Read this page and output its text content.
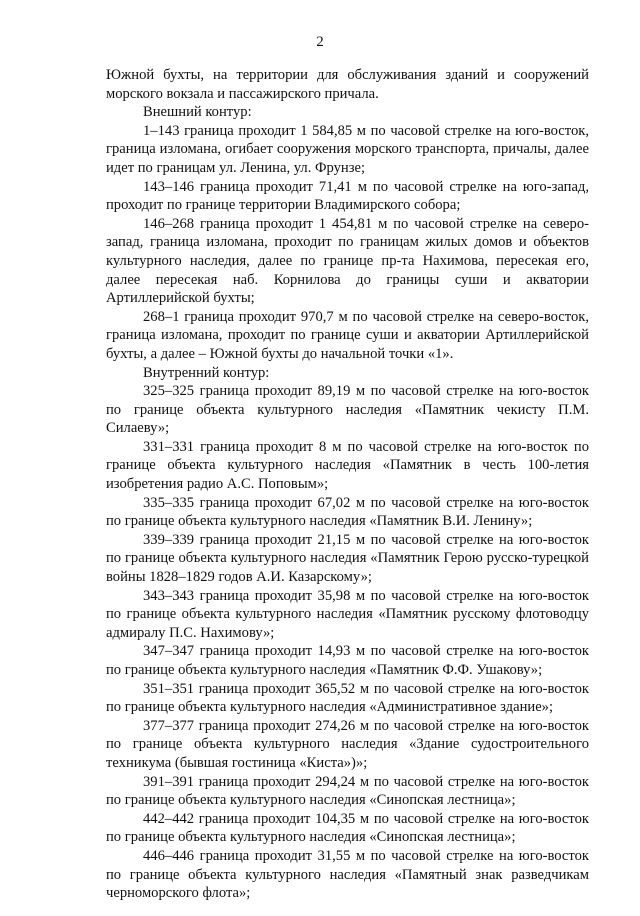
2

Южной бухты, на территории для обслуживания зданий и сооружений морского вокзала и пассажирского причала.

Внешний контур:

1–143 граница проходит 1 584,85 м по часовой стрелке на юго-восток, граница изломана, огибает сооружения морского транспорта, причалы, далее идет по границам ул. Ленина, ул. Фрунзе;

143–146 граница проходит 71,41 м по часовой стрелке на юго-запад, проходит по границе территории Владимирского собора;

146–268 граница проходит 1 454,81 м по часовой стрелке на северо-запад, граница изломана, проходит по границам жилых домов и объектов культурного наследия, далее по границе пр-та Нахимова, пересекая его, далее пересекая наб. Корнилова до границы суши и акватории Артиллерийской бухты;

268–1 граница проходит 970,7 м по часовой стрелке на северо-восток, граница изломана, проходит по границе суши и акватории Артиллерийской бухты, а далее – Южной бухты до начальной точки «1».

Внутренний контур:

325–325 граница проходит 89,19 м по часовой стрелке на юго-восток по границе объекта культурного наследия «Памятник чекисту П.М. Силаеву»;

331–331 граница проходит 8 м по часовой стрелке на юго-восток по границе объекта культурного наследия «Памятник в честь 100-летия изобретения радио А.С. Поповым»;

335–335 граница проходит 67,02 м по часовой стрелке на юго-восток по границе объекта культурного наследия «Памятник В.И. Ленину»;

339–339 граница проходит 21,15 м по часовой стрелке на юго-восток по границе объекта культурного наследия «Памятник Герою русско-турецкой войны 1828–1829 годов А.И. Казарскому»;

343–343 граница проходит 35,98 м по часовой стрелке на юго-восток по границе объекта культурного наследия «Памятник русскому флотоводцу адмиралу П.С. Нахимову»;

347–347 граница проходит 14,93 м по часовой стрелке на юго-восток по границе объекта культурного наследия «Памятник Ф.Ф. Ушакову»;

351–351 граница проходит 365,52 м по часовой стрелке на юго-восток по границе объекта культурного наследия «Административное здание»;

377–377 граница проходит 274,26 м по часовой стрелке на юго-восток по границе объекта культурного наследия «Здание судостроительного техникума (бывшая гостиница «Киста»)»;

391–391 граница проходит 294,24 м по часовой стрелке на юго-восток по границе объекта культурного наследия «Синопская лестница»;

442–442 граница проходит 104,35 м по часовой стрелке на юго-восток по границе объекта культурного наследия «Синопская лестница»;

446–446 граница проходит 31,55 м по часовой стрелке на юго-восток по границе объекта культурного наследия «Памятный знак разведчикам черноморского флота»;
